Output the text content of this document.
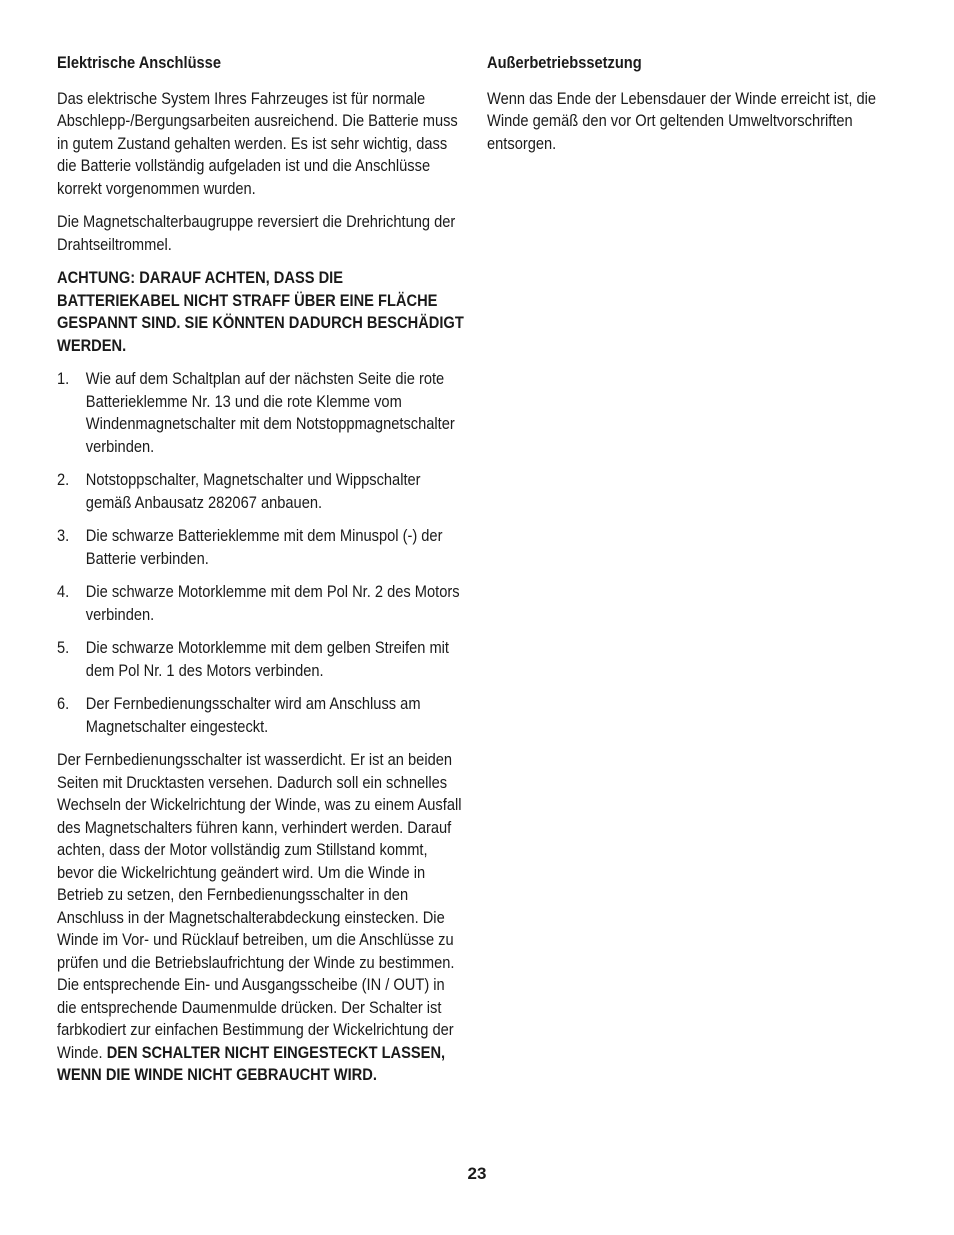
Elektrische Anschlüsse

Das elektrische System Ihres Fahrzeuges ist für normale Abschlepp-/Bergungsarbeiten ausreichend. Die Batterie muss in gutem Zustand gehalten werden. Es ist sehr wichtig, dass die Batterie vollständig aufgeladen ist und die Anschlüsse korrekt vorgenommen wurden.

Die Magnetschalterbaugruppe reversiert die Drehrichtung der Drahtseiltrommel.

ACHTUNG: DARAUF ACHTEN, DASS DIE BATTERIEKABEL NICHT STRAFF ÜBER EINE FLÄCHE GESPANNT SIND. SIE KÖNNTEN DADURCH BESCHÄDIGT WERDEN.
1. Wie auf dem Schaltplan auf der nächsten Seite die rote Batterieklemme Nr. 13 und die rote Klemme vom Windenmagnetschalter mit dem Notstoppmagnetschalter verbinden.
2. Notstoppschalter, Magnetschalter und Wippschalter gemäß Anbausatz 282067 anbauen.
3. Die schwarze Batterieklemme mit dem Minuspol (-) der Batterie verbinden.
4. Die schwarze Motorklemme mit dem Pol Nr. 2 des Motors verbinden.
5. Die schwarze Motorklemme mit dem gelben Streifen mit dem Pol Nr. 1 des Motors verbinden.
6. Der Fernbedienungsschalter wird am Anschluss am Magnetschalter eingesteckt.

Der Fernbedienungsschalter ist wasserdicht. Er ist an beiden Seiten mit Drucktasten versehen. Dadurch soll ein schnelles Wechseln der Wickelrichtung der Winde, was zu einem Ausfall des Magnetschalters führen kann, verhindert werden. Darauf achten, dass der Motor vollständig zum Stillstand kommt, bevor die Wickelrichtung geändert wird. Um die Winde in Betrieb zu setzen, den Fernbedienungsschalter in den Anschluss in der Magnetschalterabdeckung einstecken. Die Winde im Vor- und Rücklauf betreiben, um die Anschlüsse zu prüfen und die Betriebslaufrichtung der Winde zu bestimmen. Die entsprechende Ein- und Ausgangsscheibe (IN / OUT) in die entsprechende Daumenmulde drücken. Der Schalter ist farbkodiert zur einfachen Bestimmung der Wickelrichtung der Winde. DEN SCHALTER NICHT EINGESTECKT LASSEN, WENN DIE WINDE NICHT GEBRAUCHT WIRD.

Außerbetriebssetzung

Wenn das Ende der Lebensdauer der Winde erreicht ist, die Winde gemäß den vor Ort geltenden Umweltvorschriften entsorgen.

23
